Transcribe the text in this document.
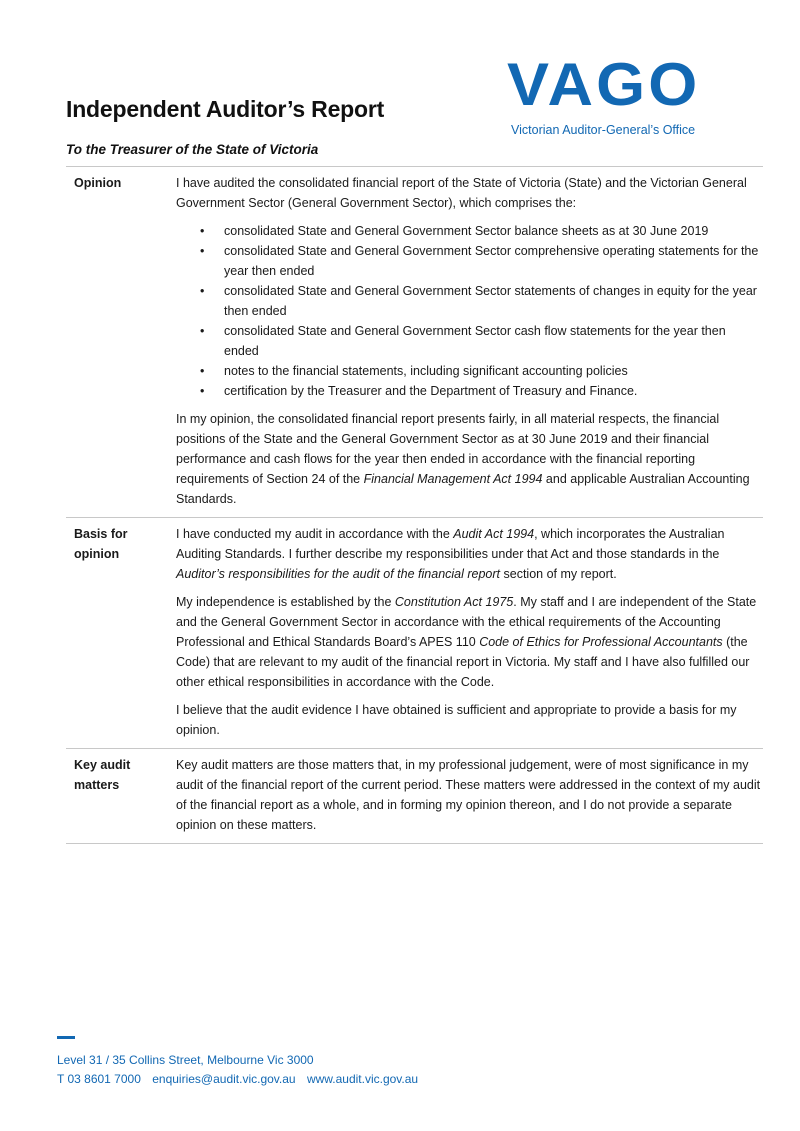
Independent Auditor’s Report VAGO
Victorian Auditor-General’s Office
To the Treasurer of the State of Victoria
Opinion	I have audited the consolidated financial report of the State of Victoria (State) and the Victorian General Government Sector (General Government Sector), which comprises the:

• consolidated State and General Government Sector balance sheets as at 30 June 2019
• consolidated State and General Government Sector comprehensive operating statements for the year then ended
• consolidated State and General Government Sector statements of changes in equity for the year then ended
• consolidated State and General Government Sector cash flow statements for the year then ended
• notes to the financial statements, including significant accounting policies
• certification by the Treasurer and the Department of Treasury and Finance.

In my opinion, the consolidated financial report presents fairly, in all material respects, the financial positions of the State and the General Government Sector as at 30 June 2019 and their financial performance and cash flows for the year then ended in accordance with the financial reporting requirements of Section 24 of the Financial Management Act 1994 and applicable Australian Accounting Standards.

Basis for
opinion

I have conducted my audit in accordance with the Audit Act 1994, which incorporates the Australian Auditing Standards. I further describe my responsibilities under that Act and those standards in the Auditor’s responsibilities for the audit of the financial report section of my report.

My independence is established by the Constitution Act 1975. My staff and I are independent of the State and the General Government Sector in accordance with the ethical requirements of the Accounting Professional and Ethical Standards Board’s APES 110 Code of Ethics for Professional Accountants (the Code) that are relevant to my audit of the financial report in Victoria. My staff and I have also fulfilled our other ethical responsibilities in accordance with the Code.

I believe that the audit evidence I have obtained is sufficient and appropriate to provide a basis for my opinion.

Key audit
matters

Key audit matters are those matters that, in my professional judgement, were of most significance in my audit of the financial report of the current period. These matters were addressed in the context of my audit of the financial report as a whole, and in forming my opinion thereon, and I do not provide a separate opinion on these matters.

Level 31 / 35 Collins Street, Melbourne Vic 3000
T 03 8601 7000 enquiries@audit.vic.gov.au www.audit.vic.gov.au
